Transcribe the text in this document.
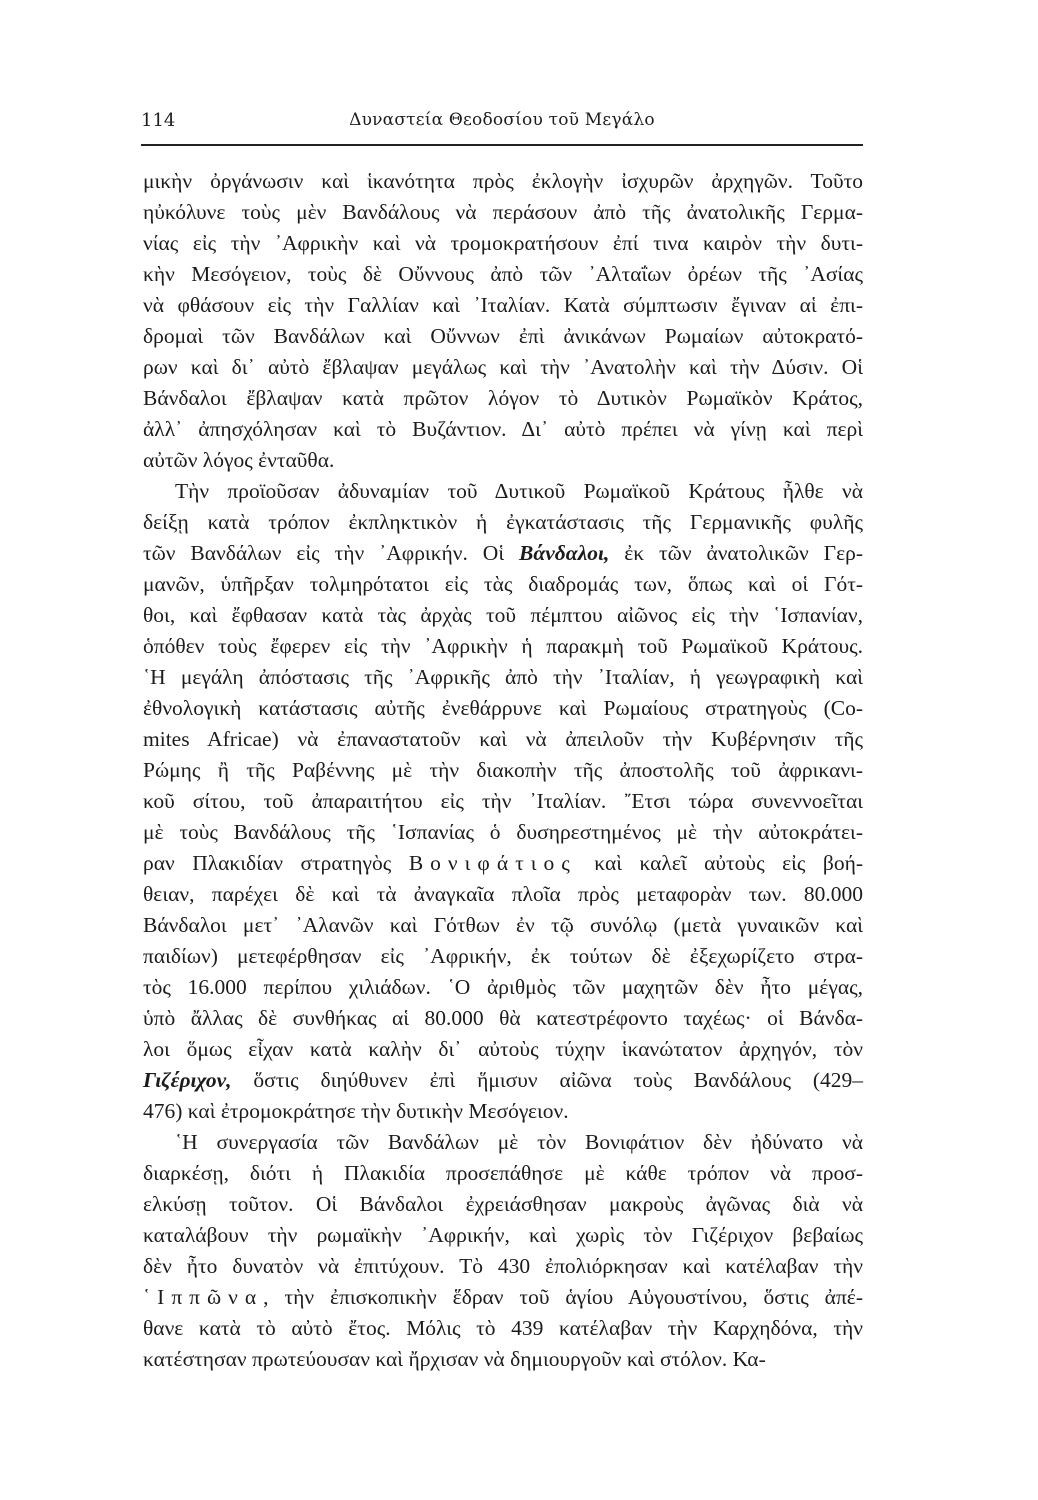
114	Δυναστεία Θεοδοσίου τοῦ Μεγάλο
μικὴν ὀργάνωσιν καὶ ἱκανότητα πρὸς ἐκλογὴν ἰσχυρῶν ἀρχηγῶν. Τοῦτο
ηὐκόλυνε τοὺς μὲν Βανδάλους νὰ περάσουν ἀπὸ τῆς ἀνατολικῆς Γερμα-
νίας εἰς τὴν ᾿Αφρικὴν καὶ νὰ τρομοκρατήσουν ἐπί τινα καιρὸν τὴν δυτι-
κὴν Μεσόγειον, τοὺς δὲ Οὔννους ἀπὸ τῶν ᾿Αλταΐων ὀρέων τῆς ᾿Ασίας
νὰ φθάσουν εἰς τὴν Γαλλίαν καὶ ᾿Ιταλίαν. Κατὰ σύμπτωσιν ἔγιναν αἱ ἐπι-
δρομαὶ τῶν Βανδάλων καὶ Οὔννων ἐπὶ ἀνικάνων Ρωμαίων αὐτοκρατό-
ρων καὶ δι᾿ αὐτὸ ἔβλαψαν μεγάλως καὶ τὴν ᾿Ανατολὴν καὶ τὴν Δύσιν. Οἱ
Βάνδαλοι ἔβλαψαν κατὰ πρῶτον λόγον τὸ Δυτικὸν Ρωμαϊκὸν Κράτος,
ἀλλ᾿ ἀπησχόλησαν καὶ τὸ Βυζάντιον. Δι᾿ αὐτὸ πρέπει νὰ γίνῃ καὶ περὶ
αὐτῶν λόγος ἐνταῦθα.
Τὴν προϊοῦσαν ἀδυναμίαν τοῦ Δυτικοῦ Ρωμαϊκοῦ Κράτους ἦλθε νὰ
δείξῃ κατὰ τρόπον ἐκπληκτικὸν ἡ ἐγκατάστασις τῆς Γερμανικῆς φυλῆς
τῶν Βανδάλων εἰς τὴν ᾿Αφρικήν. Οἱ Βάνδαλοι, ἐκ τῶν ἀνατολικῶν Γερ-
μανῶν, ὑπῆρξαν τολμηρότατοι εἰς τὰς διαδρομάς των, ὅπως καὶ οἱ Γότ-
θοι, καὶ ἔφθασαν κατὰ τὰς ἀρχὰς τοῦ πέμπτου αἰῶνος εἰς τὴν ῾Ισπανίαν,
ὁπόθεν τοὺς ἔφερεν εἰς τὴν ᾿Αφρικὴν ἡ παρακμὴ τοῦ Ρωμαϊκοῦ Κράτους.
῾Η μεγάλη ἀπόστασις τῆς ᾿Αφρικῆς ἀπὸ τὴν ᾿Ιταλίαν, ἡ γεωγραφικὴ καὶ
ἐθνολογικὴ κατάστασις αὐτῆς ἐνεθάρρυνε καὶ Ρωμαίους στρατηγοὺς (Co-
mites Africae) νὰ ἐπαναστατοῦν καὶ νὰ ἀπειλοῦν τὴν Κυβέρνησιν τῆς
Ρώμης ἢ τῆς Ραβέννης μὲ τὴν διακοπὴν τῆς ἀποστολῆς τοῦ ἀφρικανι-
κοῦ σίτου, τοῦ ἀπαραιτήτου εἰς τὴν ᾿Ιταλίαν. ῎Ετσι τώρα συνεννοεῖται
μὲ τοὺς Βανδάλους τῆς ῾Ισπανίας ὁ δυσηρεστημένος μὲ τὴν αὐτοκράτει-
ραν Πλακιδίαν στρατηγὸς Βονιφάτιος καὶ καλεῖ αὐτοὺς εἰς βοή-
θειαν, παρέχει δὲ καὶ τὰ ἀναγκαῖα πλοῖα πρὸς μεταφορὰν των. 80.000
Βάνδαλοι μετ᾿ ᾿Αλανῶν καὶ Γότθων ἐν τῷ συνόλῳ (μετὰ γυναικῶν καὶ
παιδίων) μετεφέρθησαν εἰς ᾿Αφρικήν, ἐκ τούτων δὲ ἐξεχωρίζετο στρα-
τὸς 16.000 περίπου χιλιάδων. ῾Ο ἀριθμὸς τῶν μαχητῶν δὲν ἦτο μέγας,
ὑπὸ ἄλλας δὲ συνθήκας αἱ 80.000 θὰ κατεστρέφοντο ταχέως· οἱ Βάνδα-
λοι ὅμως εἶχαν κατὰ καλὴν δι᾿ αὐτοὺς τύχην ἱκανώτατον ἀρχηγόν, τὸν
Γιζέριχον, ὅστις διηύθυνεν ἐπὶ ἥμισυν αἰῶνα τοὺς Βανδάλους (429–
476) καὶ ἐτρομοκράτησε τὴν δυτικὴν Μεσόγειον.
῾Η συνεργασία τῶν Βανδάλων μὲ τὸν Βονιφάτιον δὲν ἠδύνατο νὰ
διαρκέσῃ, διότι ἡ Πλακιδία προσεπάθησε μὲ κάθε τρόπον νὰ προσ-
ελκύσῃ τοῦτον. Οἱ Βάνδαλοι ἐχρειάσθησαν μακροὺς ἀγῶνας διὰ νὰ
καταλάβουν τὴν ρωμαϊκὴν ᾿Αφρικήν, καὶ χωρὶς τὸν Γιζέριχον βεβαίως
δὲν ἦτο δυνατὸν νὰ ἐπιτύχουν. Τὸ 430 ἐπολιόρκησαν καὶ κατέλαβαν τὴν
῾Ιππῶνα, τὴν ἐπισκοπικὴν ἕδραν τοῦ ἁγίου Αὐγουστίνου, ὅστις ἀπέ-
θανε κατὰ τὸ αὐτὸ ἔτος. Μόλις τὸ 439 κατέλαβαν τὴν Καρχηδόνα, τὴν
κατέστησαν πρωτεύουσαν καὶ ἤρχισαν νὰ δημιουργοῦν καὶ στόλον. Κα-
